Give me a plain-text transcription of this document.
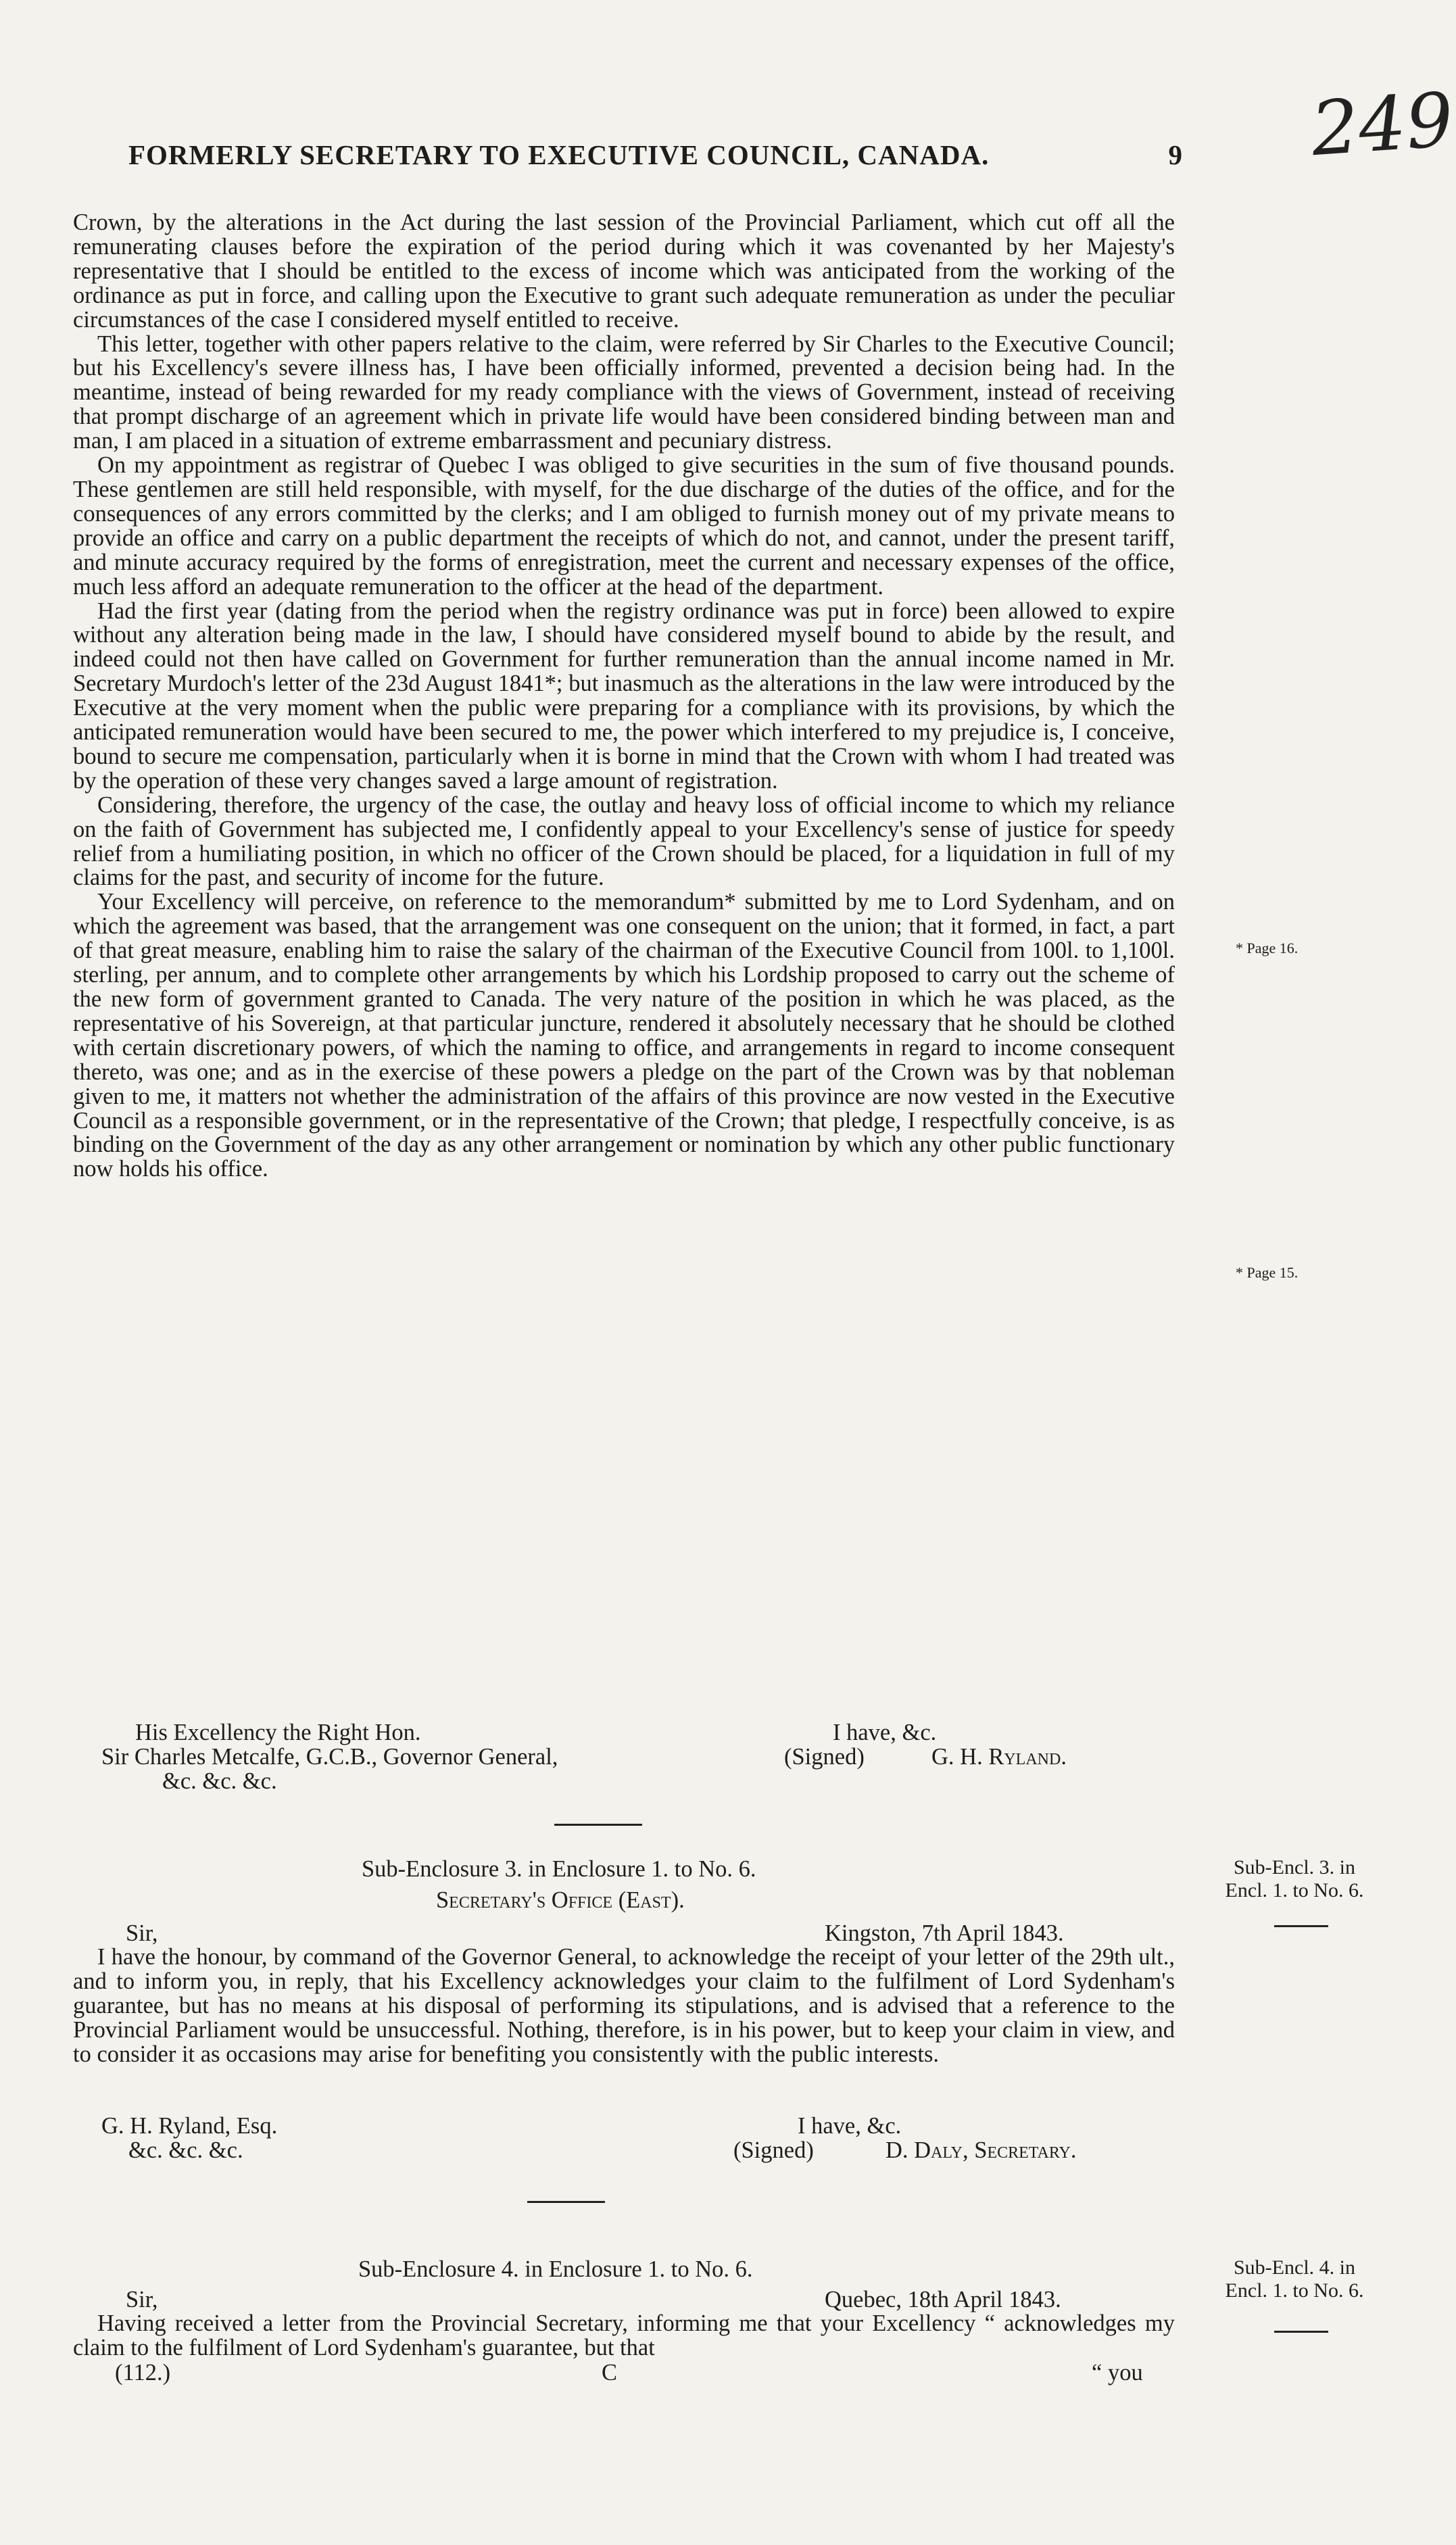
249
FORMERLY SECRETARY TO EXECUTIVE COUNCIL, CANADA.	9

Crown, by the alterations in the Act during the last session of the Provincial Parliament, which cut off all the remunerating clauses before the expiration of the period during which it was covenanted by her Majesty's representative that I should be entitled to the excess of income which was anticipated from the working of the ordinance as put in force, and calling upon the Executive to grant such adequate remuneration as under the peculiar circumstances of the case I considered myself entitled to receive.

This letter, together with other papers relative to the claim, were referred by Sir Charles to the Executive Council; but his Excellency's severe illness has, I have been officially informed, prevented a decision being had. In the meantime, instead of being rewarded for my ready compliance with the views of Government, instead of receiving that prompt discharge of an agreement which in private life would have been considered binding between man and man, I am placed in a situation of extreme embarrassment and pecuniary distress.

On my appointment as registrar of Quebec I was obliged to give securities in the sum of five thousand pounds. These gentlemen are still held responsible, with myself, for the due discharge of the duties of the office, and for the consequences of any errors committed by the clerks; and I am obliged to furnish money out of my private means to provide an office and carry on a public department the receipts of which do not, and cannot, under the present tariff, and minute accuracy required by the forms of enregistration, meet the current and necessary expenses of the office, much less afford an adequate remuneration to the officer at the head of the department.

Had the first year (dating from the period when the registry ordinance was put in force) been allowed to expire without any alteration being made in the law, I should have considered myself bound to abide by the result, and indeed could not then have called on Government for further remuneration than the annual income named in Mr. Secretary Murdoch's letter of the 23d August 1841*; but inasmuch as the alterations in the law were introduced by the Executive at the very moment when the public were preparing for a compliance with its provisions, by which the anticipated remuneration would have been secured to me, the power which interfered to my prejudice is, I conceive, bound to secure me compensation, particularly when it is borne in mind that the Crown with whom I had treated was by the operation of these very changes saved a large amount of registration.

Considering, therefore, the urgency of the case, the outlay and heavy loss of official income to which my reliance on the faith of Government has subjected me, I confidently appeal to your Excellency's sense of justice for speedy relief from a humiliating position, in which no officer of the Crown should be placed, for a liquidation in full of my claims for the past, and security of income for the future.

Your Excellency will perceive, on reference to the memorandum* submitted by me to Lord Sydenham, and on which the agreement was based, that the arrangement was one consequent on the union; that it formed, in fact, a part of that great measure, enabling him to raise the salary of the chairman of the Executive Council from 100l. to 1,100l. sterling, per annum, and to complete other arrangements by which his Lordship proposed to carry out the scheme of the new form of government granted to Canada. The very nature of the position in which he was placed, as the representative of his Sovereign, at that particular juncture, rendered it absolutely necessary that he should be clothed with certain discretionary powers, of which the naming to office, and arrangements in regard to income consequent thereto, was one; and as in the exercise of these powers a pledge on the part of the Crown was by that nobleman given to me, it matters not whether the administration of the affairs of this province are now vested in the Executive Council as a responsible government, or in the representative of the Crown; that pledge, I respectfully conceive, is as binding on the Government of the day as any other arrangement or nomination by which any other public functionary now holds his office.

* Page 16.
* Page 15.
His Excellency the Right Hon.
Sir Charles Metcalfe, G.C.B., Governor General,
&c. &c. &c.
I have, &c.
(Signed)	G. H. Ryland.
Sub-Enclosure 3. in Enclosure 1. to No. 6.
Secretary's Office (East).
Sub-Encl. 3. in
Encl. 1. to No. 6.
Sir,	Kingston, 7th April 1843.

I have the honour, by command of the Governor General, to acknowledge the receipt of your letter of the 29th ult., and to inform you, in reply, that his Excellency acknowledges your claim to the fulfilment of Lord Sydenham's guarantee, but has no means at his disposal of performing its stipulations, and is advised that a reference to the Provincial Parliament would be unsuccessful. Nothing, therefore, is in his power, but to keep your claim in view, and to consider it as occasions may arise for benefiting you consistently with the public interests.

G. H. Ryland, Esq.
&c. &c. &c.
I have, &c.
(Signed)	D. Daly, Secretary.
Sub-Enclosure 4. in Enclosure 1. to No. 6.	Sub-Encl. 4. in
Encl. 1. to No. 6.
Sir,	Quebec, 18th April 1843.

Having received a letter from the Provincial Secretary, informing me that your Excellency “ acknowledges my claim to the fulfilment of Lord Sydenham's guarantee, but that

(112.)	C	“ you
